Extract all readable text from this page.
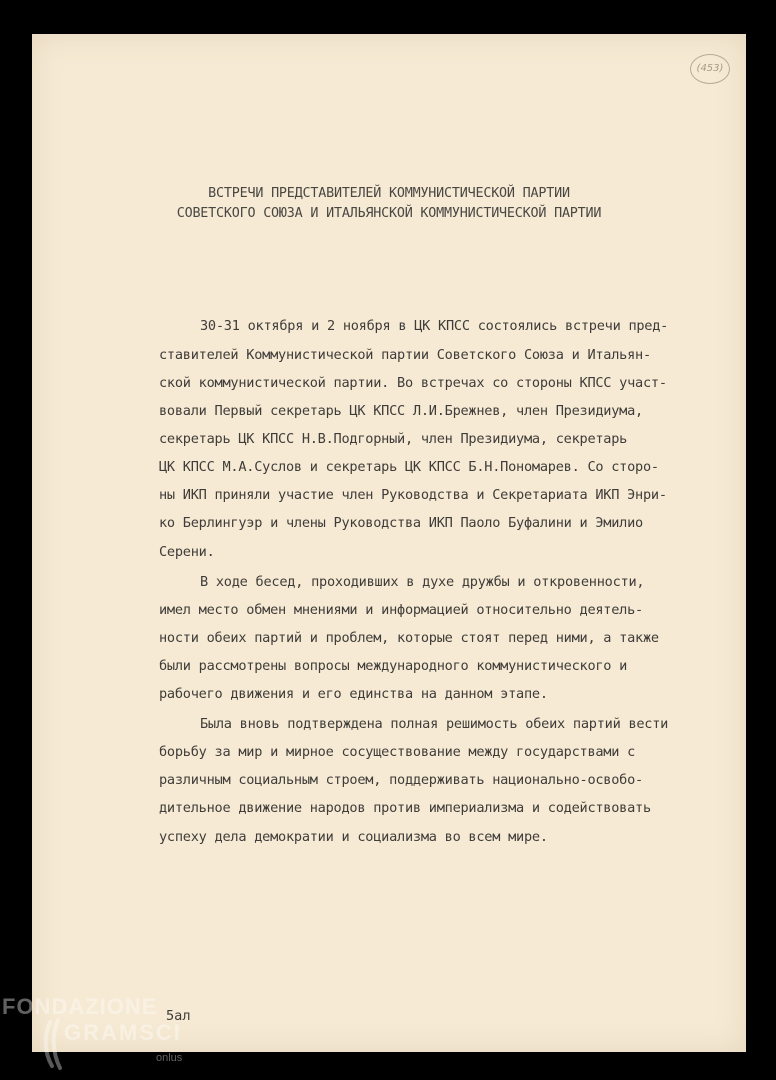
(453)
ВСТРЕЧИ ПРЕДСТАВИТЕЛЕЙ КОММУНИСТИЧЕСКОЙ ПАРТИИ
СОВЕТСКОГО СОЮЗА И ИТАЛЬЯНСКОЙ КОММУНИСТИЧЕСКОЙ ПАРТИИ
30-31 октября и 2 ноября в ЦК КПСС состоялись встречи пред-
ставителей Коммунистической партии Советского Союза и Итальян-
ской коммунистической партии. Во встречах со стороны КПСС участ-
вовали Первый секретарь ЦК КПСС Л.И.Брежнев, член Президиума,
секретарь ЦК КПСС Н.В.Подгорный, член Президиума, секретарь
ЦК КПСС М.А.Суслов и секретарь ЦК КПСС Б.Н.Пономарев. Со сторо-
ны ИКП приняли участие член Руководства и Секретариата ИКП Энри-
ко Берлингуэр и члены Руководства ИКП Паоло Буфалини и Эмилио
Серени.
В ходе бесед, проходивших в духе дружбы и откровенности,
имел место обмен мнениями и информацией относительно деятель-
ности обеих партий и проблем, которые стоят перед ними, а также
были рассмотрены вопросы международного коммунистического и
рабочего движения и его единства на данном этапе.
Была вновь подтверждена полная решимость обеих партий вести
борьбу за мир и мирное сосуществование между государствами с
различным социальным строем, поддерживать национально-освобо-
дительное движение народов против империализма и содействовать
успеху дела демократии и социализма во всем мире.
5ал
FONDAZIONE
GRAMSCI
onlus
